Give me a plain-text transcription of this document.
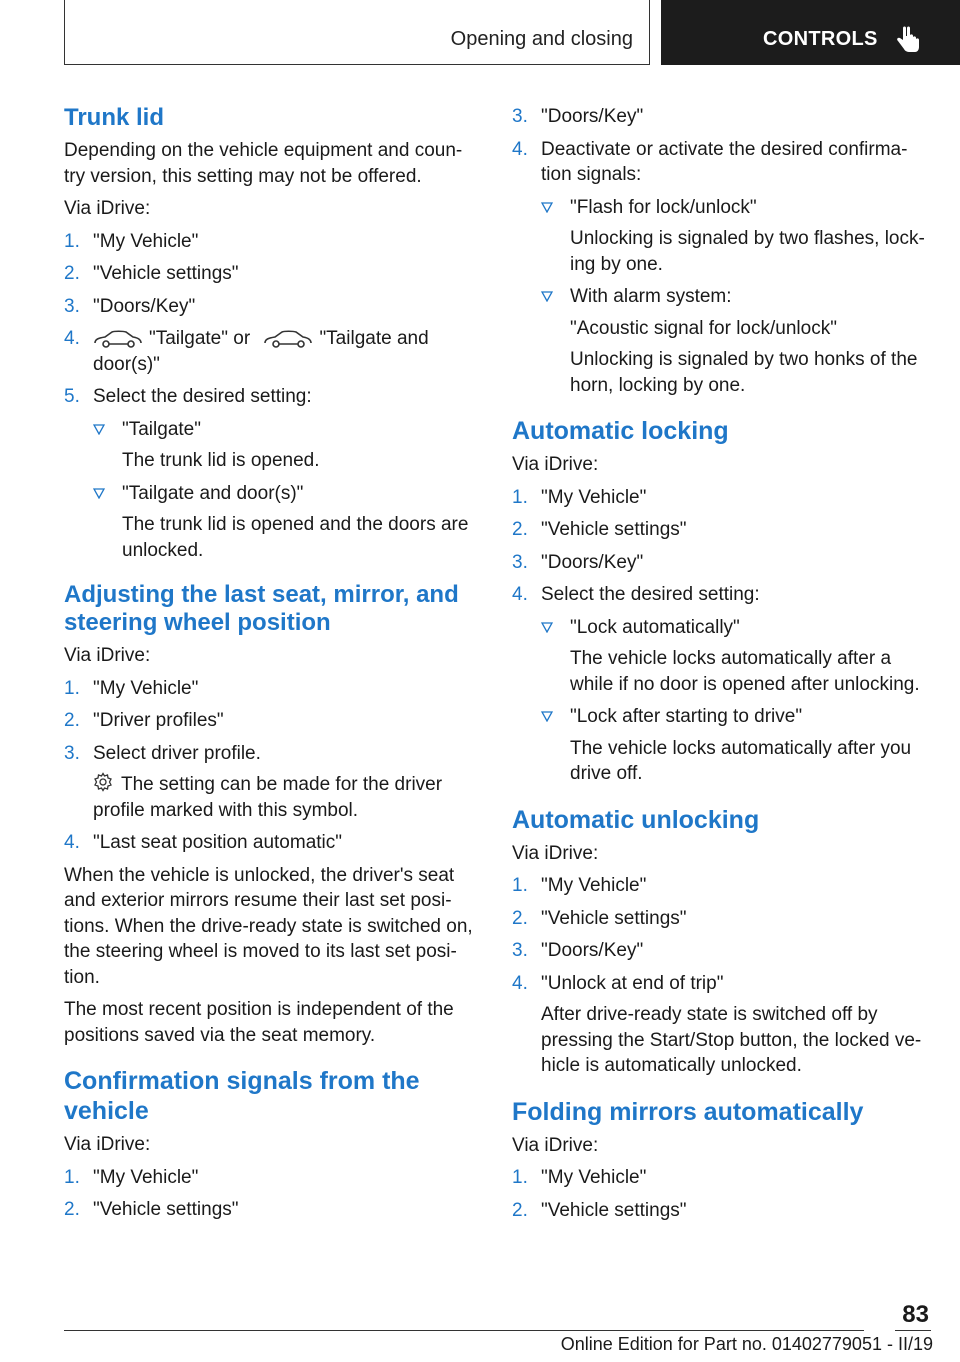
Opening and closing	CONTROLS
Trunk lid

Depending on the vehicle equipment and coun- try version, this setting may not be offered.

Via iDrive:

1. "My Vehicle"
2. "Vehicle settings"
3. "Doors/Key"
4.	"Tailgate" or	"Tailgate and door(s)"
5. Select the desired setting:
"Tailgate"
The trunk lid is opened.
"Tailgate and door(s)"
The trunk lid is opened and the doors are unlocked.
Adjusting the last seat, mirror, and steering wheel position

Via iDrive:

1. "My Vehicle"
2. "Driver profiles"
3. Select driver profile.
The setting can be made for the driver profile marked with this symbol.
4. "Last seat position automatic"

When the vehicle is unlocked, the driver's seat and exterior mirrors resume their last set posi- tions. When the drive-ready state is switched on, the steering wheel is moved to its last set posi- tion.

The most recent position is independent of the positions saved via the seat memory.

Confirmation signals from the vehicle

Via iDrive:

1. "My Vehicle"
2. "Vehicle settings"
3. "Doors/Key"
4. Deactivate or activate the desired confirma- tion signals:
"Flash for lock/unlock"
Unlocking is signaled by two flashes, lock- ing by one.
With alarm system:
"Acoustic signal for lock/unlock"
Unlocking is signaled by two honks of the horn, locking by one.
Automatic locking

Via iDrive:

1. "My Vehicle"
2. "Vehicle settings"
3. "Doors/Key"
4. Select the desired setting:
"Lock automatically"
The vehicle locks automatically after a while if no door is opened after unlocking.
"Lock after starting to drive"
The vehicle locks automatically after you drive off.
Automatic unlocking

Via iDrive:

1. "My Vehicle"
2. "Vehicle settings"
3. "Doors/Key"
4. "Unlock at end of trip"
After drive-ready state is switched off by pressing the Start/Stop button, the locked ve- hicle is automatically unlocked.
Folding mirrors automatically

Via iDrive:

1. "My Vehicle"
2. "Vehicle settings"
83
Online Edition for Part no. 01402779051 - II/19
